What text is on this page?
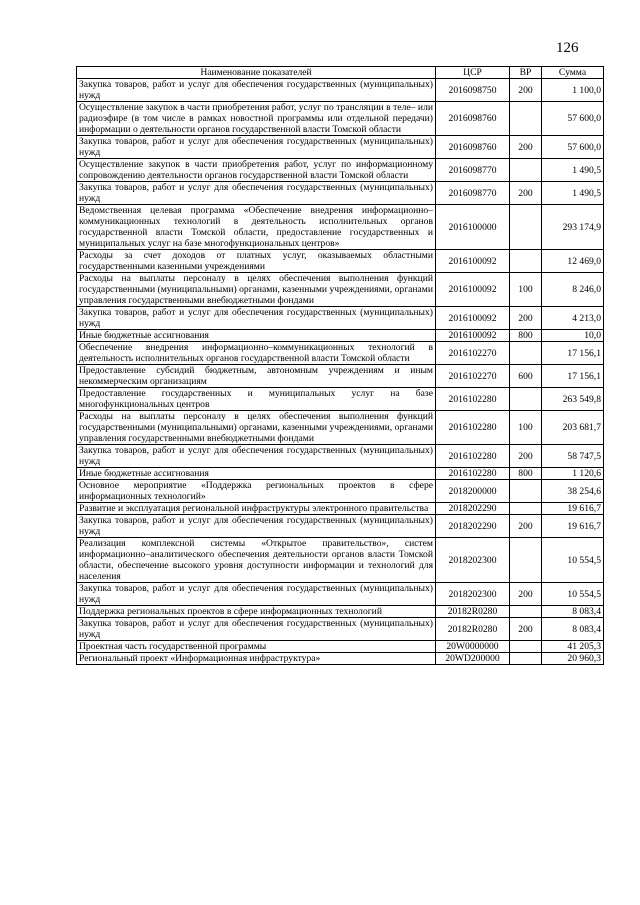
126
Наименование показателей	ЦСР	ВР	Сумма
Закупка товаров, работ и услуг для обеспечения государственных (муниципальных) нужд	2016098750	200	1 100,0
Осуществление закупок в части приобретения работ, услуг по трансляции в теле– или радиоэфире (в том числе в рамках новостной программы или отдельной передачи) информации о деятельности органов государственной власти Томской области	2016098760		57 600,0
Закупка товаров, работ и услуг для обеспечения государственных (муниципальных) нужд	2016098760	200	57 600,0
Осуществление закупок в части приобретения работ, услуг по информационному сопровождению деятельности органов государственной власти Томской области	2016098770		1 490,5
Закупка товаров, работ и услуг для обеспечения государственных (муниципальных) нужд	2016098770	200	1 490,5
Ведомственная целевая программа «Обеспечение внедрения информационно–коммуникационных технологий в деятельность исполнительных органов государственной власти Томской области, предоставление государственных и муниципальных услуг на базе многофункциональных центров»	2016100000		293 174,9
Расходы за счет доходов от платных услуг, оказываемых областными государственными казенными учреждениями	2016100092		12 469,0
Расходы на выплаты персоналу в целях обеспечения выполнения функций государственными (муниципальными) органами, казенными учреждениями, органами управления государственными внебюджетными фондами	2016100092	100	8 246,0
Закупка товаров, работ и услуг для обеспечения государственных (муниципальных) нужд	2016100092	200	4 213,0
Иные бюджетные ассигнования	2016100092	800	10,0
Обеспечение внедрения информационно–коммуникационных технологий в деятельность исполнительных органов государственной власти Томской области	2016102270		17 156,1
Предоставление субсидий бюджетным, автономным учреждениям и иным некоммерческим организациям	2016102270	600	17 156,1
Предоставление государственных и муниципальных услуг на базе многофункциональных центров	2016102280		263 549,8
Расходы на выплаты персоналу в целях обеспечения выполнения функций государственными (муниципальными) органами, казенными учреждениями, органами управления государственными внебюджетными фондами	2016102280	100	203 681,7
Закупка товаров, работ и услуг для обеспечения государственных (муниципальных) нужд	2016102280	200	58 747,5
Иные бюджетные ассигнования	2016102280	800	1 120,6
Основное мероприятие «Поддержка региональных проектов в сфере информационных технологий»	2018200000		38 254,6
Развитие и эксплуатация региональной инфраструктуры электронного правительства	2018202290		19 616,7
Закупка товаров, работ и услуг для обеспечения государственных (муниципальных) нужд	2018202290	200	19 616,7
Реализация комплексной системы «Открытое правительство», систем информационно–аналитического обеспечения деятельности органов власти Томской области, обеспечение высокого уровня доступности информации и технологий для населения	2018202300		10 554,5
Закупка товаров, работ и услуг для обеспечения государственных (муниципальных) нужд	2018202300	200	10 554,5
Поддержка региональных проектов в сфере информационных технологий	20182R0280		8 083,4
Закупка товаров, работ и услуг для обеспечения государственных (муниципальных) нужд	20182R0280	200	8 083,4
Проектная часть государственной программы	20W0000000		41 205,3
Региональный проект «Информационная инфраструктура»	20WD200000		20 960,3
